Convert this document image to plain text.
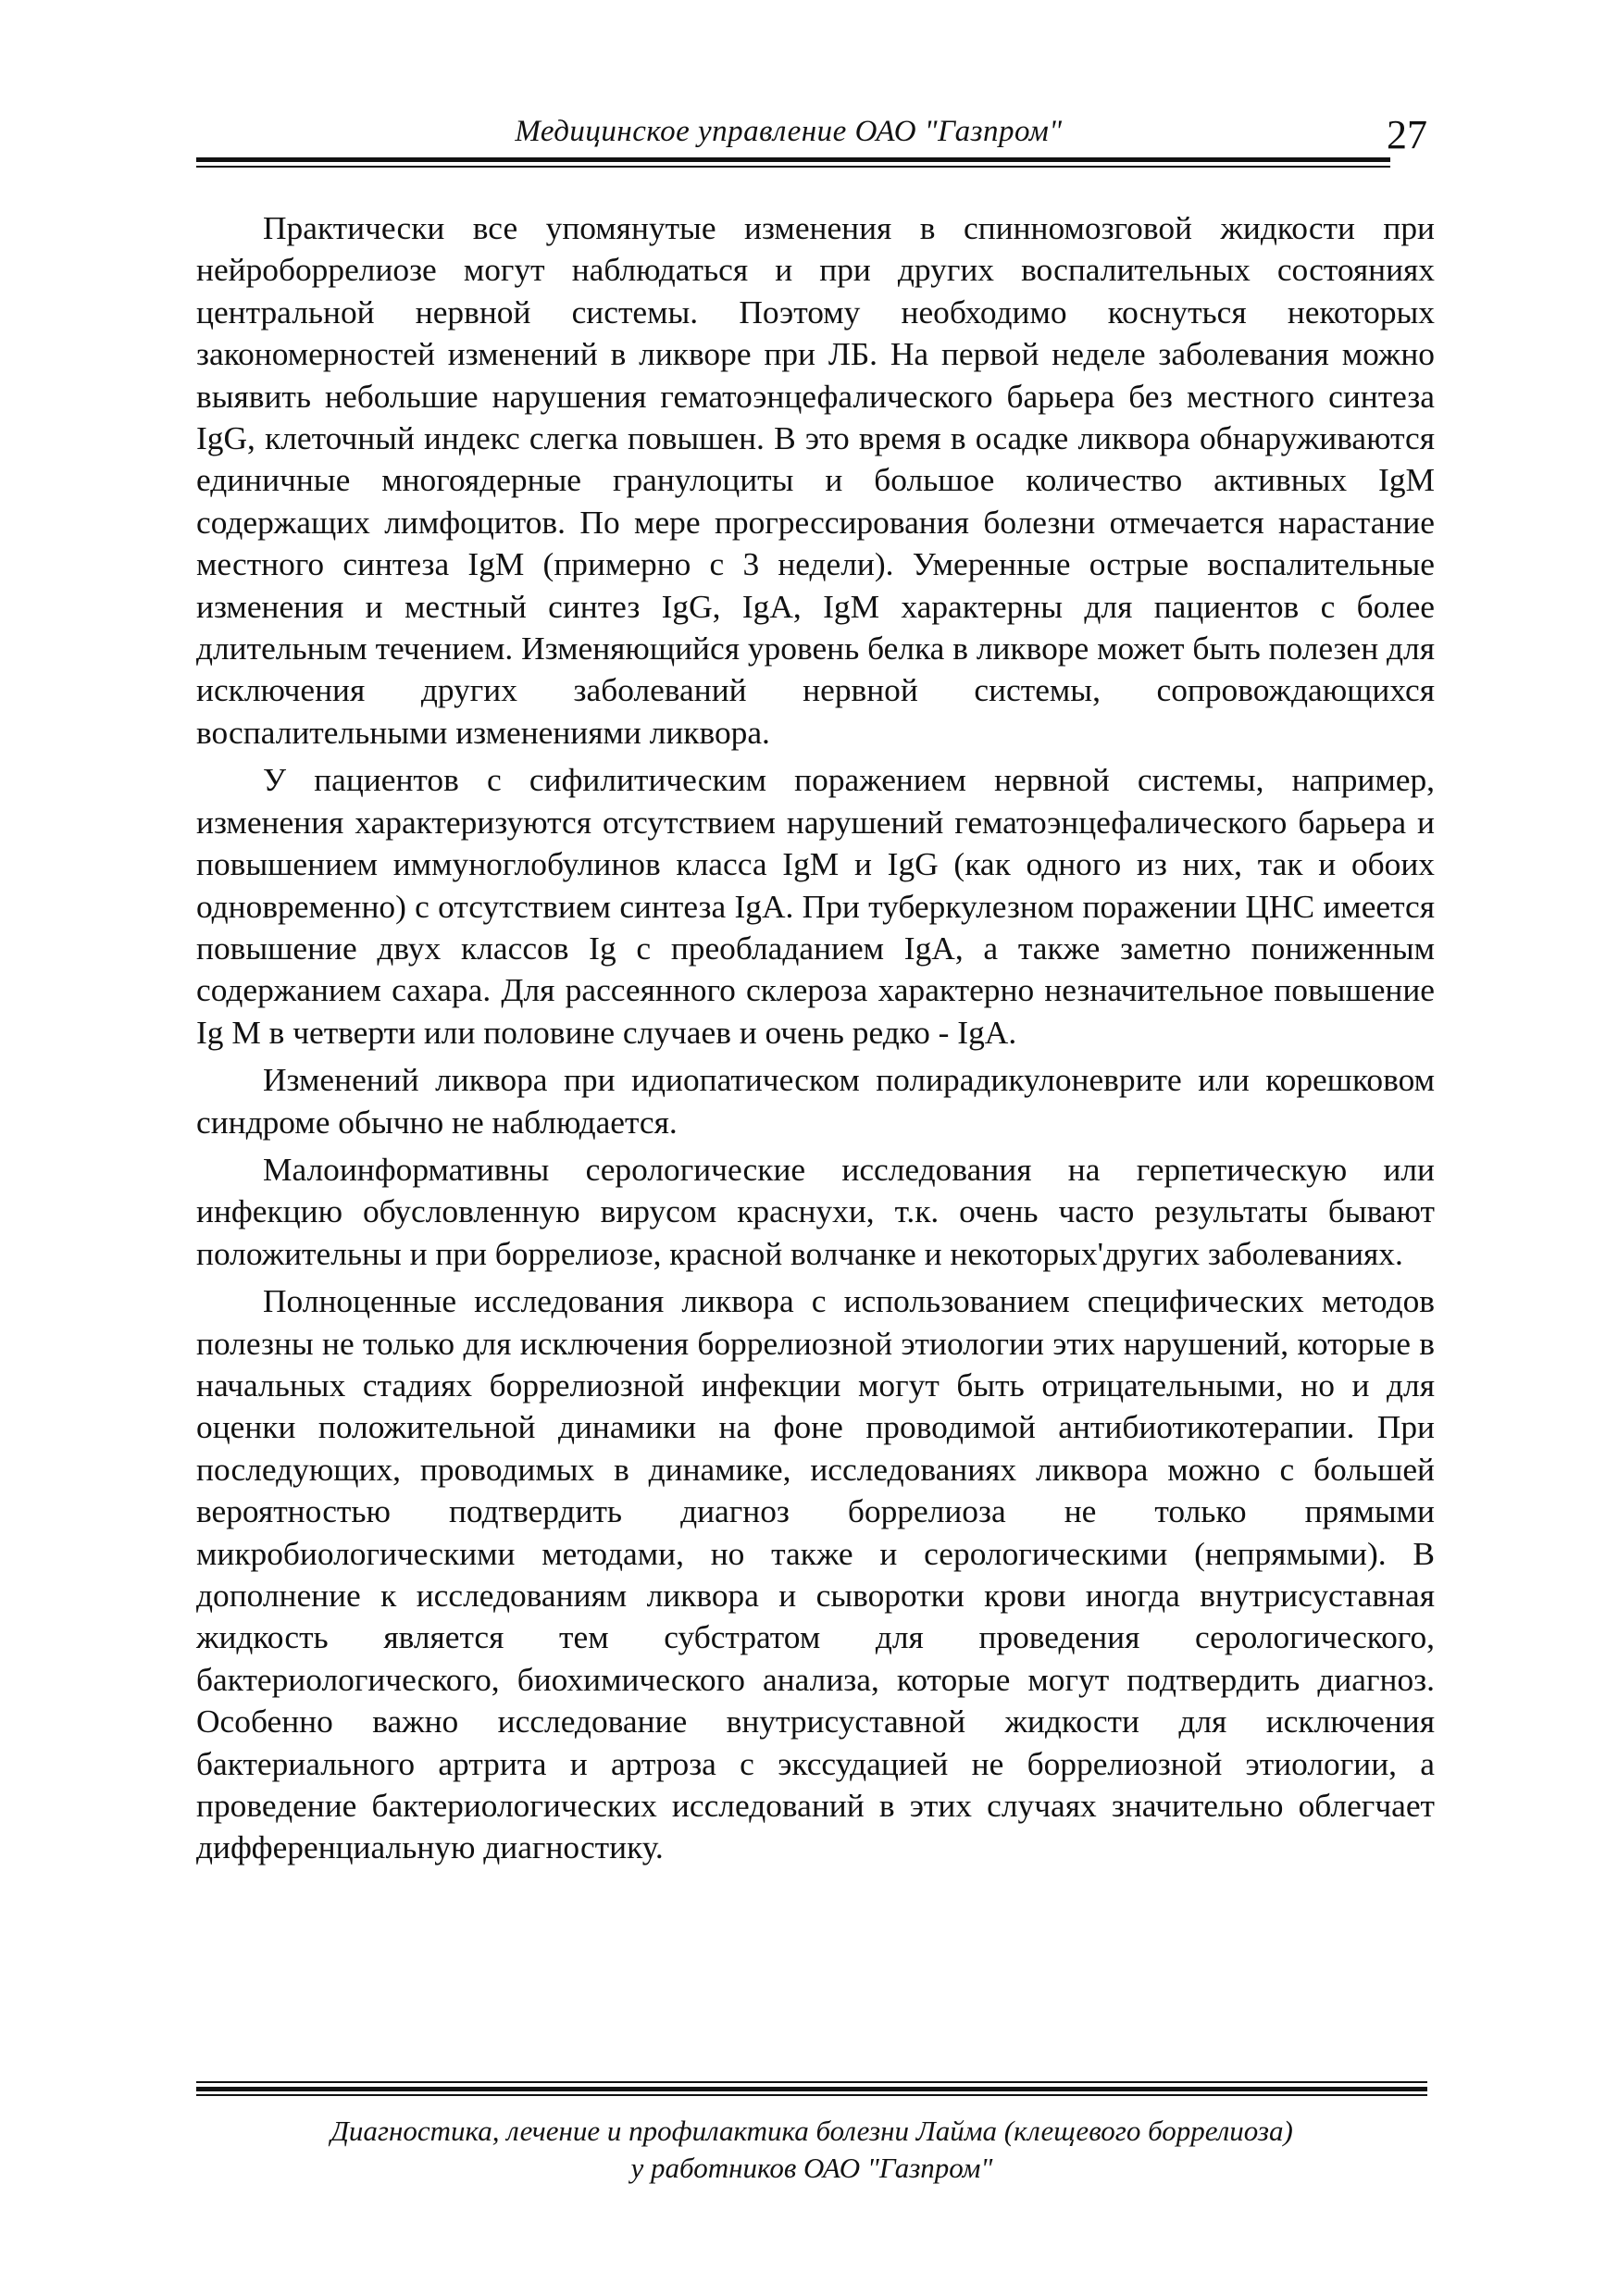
Медицинское управление ОАО "Газпром"	27

Практически все упомянутые изменения в спинномозговой жидкости при нейроборрелиозе могут наблюдаться и при других воспалительных состояниях центральной нервной системы. Поэтому необходимо коснуться некоторых закономерностей изменений в ликворе при ЛБ. На первой неделе заболевания можно выявить небольшие нарушения гематоэнцефалического барьера без местного синтеза IgG, клеточный индекс слегка повышен. В это время в осадке ликвора обнаруживаются единичные многоядерные гранулоциты и большое количество активных IgM содержащих лимфоцитов. По мере прогрессирования болезни отмечается нарастание местного синтеза IgM (примерно с 3 недели). Умеренные острые воспалительные изменения и местный синтез IgG, IgA, IgM характерны для пациентов с более длительным течением. Изменяющийся уровень белка в ликворе может быть полезен для исключения других заболеваний нервной системы, сопровождающихся воспалительными изменениями ликвора.

У пациентов с сифилитическим поражением нервной системы, например, изменения характеризуются отсутствием нарушений гематоэнцефалического барьера и повышением иммуноглобулинов класса IgM и IgG (как одного из них, так и обоих одновременно) с отсутствием синтеза IgA. При туберкулезном поражении ЦНС имеется повышение двух классов Ig с преобладанием IgA, а также заметно пониженным содержанием сахара. Для рассеянного склероза характерно незначительное повышение Ig M в четверти или половине случаев и очень редко - IgA.

Изменений ликвора при идиопатическом полирадикулоневрите или корешковом синдроме обычно не наблюдается.

Малоинформативны серологические исследования на герпетическую или инфекцию обусловленную вирусом краснухи, т.к. очень часто результаты бывают положительны и при боррелиозе, красной волчанке и некоторых'других заболеваниях.

Полноценные исследования ликвора с использованием специфических методов полезны не только для исключения боррелиозной этиологии этих нарушений, которые в начальных стадиях боррелиозной инфекции могут быть отрицательными, но и для оценки положительной динамики на фоне проводимой антибиотикотерапии. При последующих, проводимых в динамике, исследованиях ликвора можно с большей вероятностью подтвердить диагноз боррелиоза не только прямыми микробиологическими методами, но также и серологическими (непрямыми). В дополнение к исследованиям ликвора и сыворотки крови иногда внутрисуставная жидкость является тем субстратом для проведения серологического, бактериологического, биохимического анализа, которые могут подтвердить диагноз. Особенно важно исследование внутрисуставной жидкости для исключения бактериального артрита и артроза с экссудацией не боррелиозной этиологии, а проведение бактериологических исследований в этих случаях значительно облегчает дифференциальную диагностику.

Диагностика, лечение и профилактика болезни Лайма (клещевого боррелиоза)
у работников ОАО "Газпром"
